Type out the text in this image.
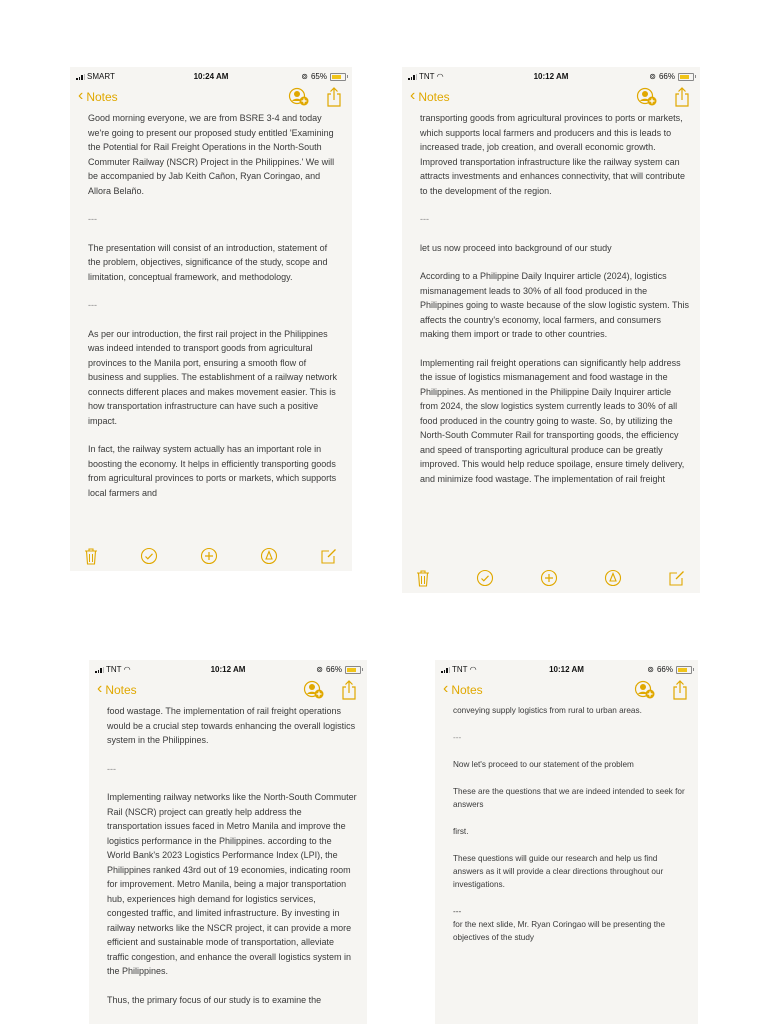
SMART	10:24 AM	⊚ 65%
‹ Notes

Good morning everyone, we are from BSRE 3-4 and today we're going to present our proposed study entitled 'Examining the Potential for Rail Freight Operations in the North-South Commuter Railway (NSCR) Project in the Philippines.' We will be accompanied by Jab Keith Cañon, Ryan Coringao, and Allora Belaño.

---

The presentation will consist of an introduction, statement of the problem, objectives, significance of the study, scope and limitation, conceptual framework, and methodology.

---

As per our introduction, the first rail project in the Philippines was indeed intended to transport goods from agricultural provinces to the Manila port, ensuring a smooth flow of business and supplies. The establishment of a railway network connects different places and makes movement easier. This is how transportation infrastructure can have such a positive impact.

In fact, the railway system actually has an important role in boosting the economy. It helps in efficiently transporting goods from agricultural provinces to ports or markets, which supports local farmers and

TNT ◠	10:12 AM	⊚ 66%
‹ Notes

transporting goods from agricultural provinces to ports or markets, which supports local farmers and producers and this is leads to increased trade, job creation, and overall economic growth. Improved transportation infrastructure like the railway system can attracts investments and enhances connectivity, that will contribute to the development of the region.

---

let us now proceed into background of our study

According to a Philippine Daily Inquirer article (2024), logistics mismanagement leads to 30% of all food produced in the Philippines going to waste because of the slow logistic system. This affects the country's economy, local farmers, and consumers making them import or trade to other countries.

Implementing rail freight operations can significantly help address the issue of logistics mismanagement and food wastage in the Philippines. As mentioned in the Philippine Daily Inquirer article from 2024, the slow logistics system currently leads to 30% of all food produced in the country going to waste. So, by utilizing the North-South Commuter Rail for transporting goods, the efficiency and speed of transporting agricultural produce can be greatly improved. This would help reduce spoilage, ensure timely delivery, and minimize food wastage. The implementation of rail freight

TNT ◠	10:12 AM	⊚ 66%
‹ Notes

food wastage. The implementation of rail freight operations would be a crucial step towards enhancing the overall logistics system in the Philippines.

---

Implementing railway networks like the North-South Commuter Rail (NSCR) project can greatly help address the transportation issues faced in Metro Manila and improve the logistics performance in the Philippines. according to the World Bank's 2023 Logistics Performance Index (LPI), the Philippines ranked 43rd out of 19 economies, indicating room for improvement. Metro Manila, being a major transportation hub, experiences high demand for logistics services, congested traffic, and limited infrastructure. By investing in railway networks like the NSCR project, it can provide a more efficient and sustainable mode of transportation, alleviate traffic congestion, and enhance the overall logistics system in the Philippines.

Thus, the primary focus of our study is to examine the

TNT ◠	10:12 AM	⊚ 66%
‹ Notes

conveying supply logistics from rural to urban areas.

---

Now let's proceed to our statement of the problem

These are the questions that we are indeed intended to seek for answers

first.

These questions will guide our research and help us find answers as it will provide a clear directions throughout our investigations.

---
for the next slide, Mr. Ryan Coringao will be presenting the objectives of the study
